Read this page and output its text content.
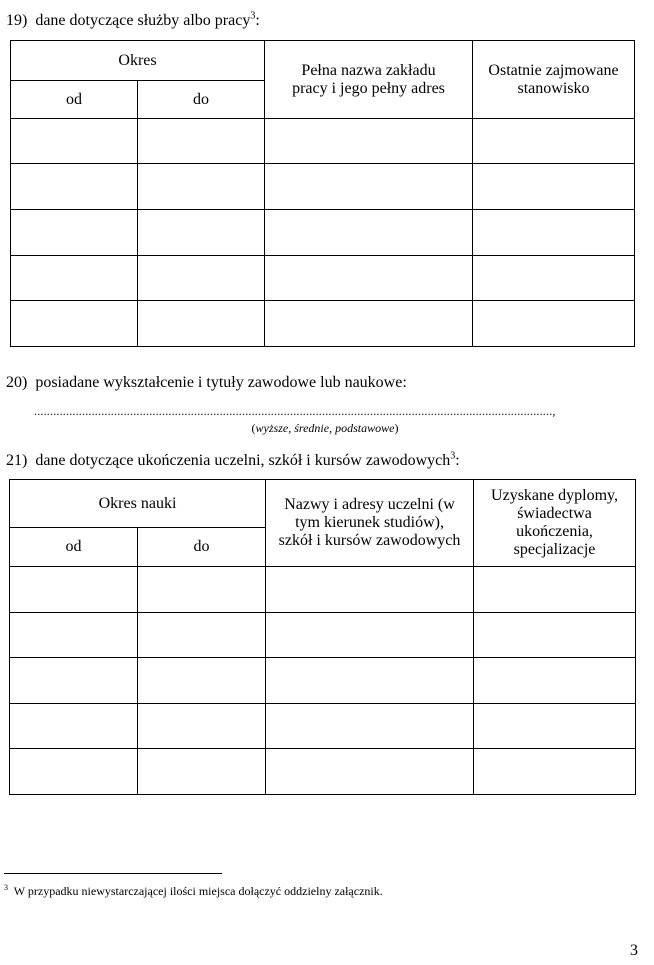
19) dane dotyczące służby albo pracy$^3$:
Okres		Pełna nazwa zakładu pracy i jego pełny adres	Ostatnie zajmowane stanowisko
od	do		

20) posiadane wykształcenie i tytuły zawodowe lub naukowe:
..................................................................................................................................................................,
(wyższe, średnie, podstawowe)
21) dane dotyczące ukończenia uczelni, szkół i kursów zawodowych$^3$:
Okres nauki		Nazwy i adresy uczelni (w tym kierunek studiów), szkół i kursów zawodowych	Uzyskane dyplomy, świadectwa ukończenia, specjalizacje
od	do		

$^3$ W przypadku niewystarczającej ilości miejsca dołączyć oddzielny załącznik.
3
